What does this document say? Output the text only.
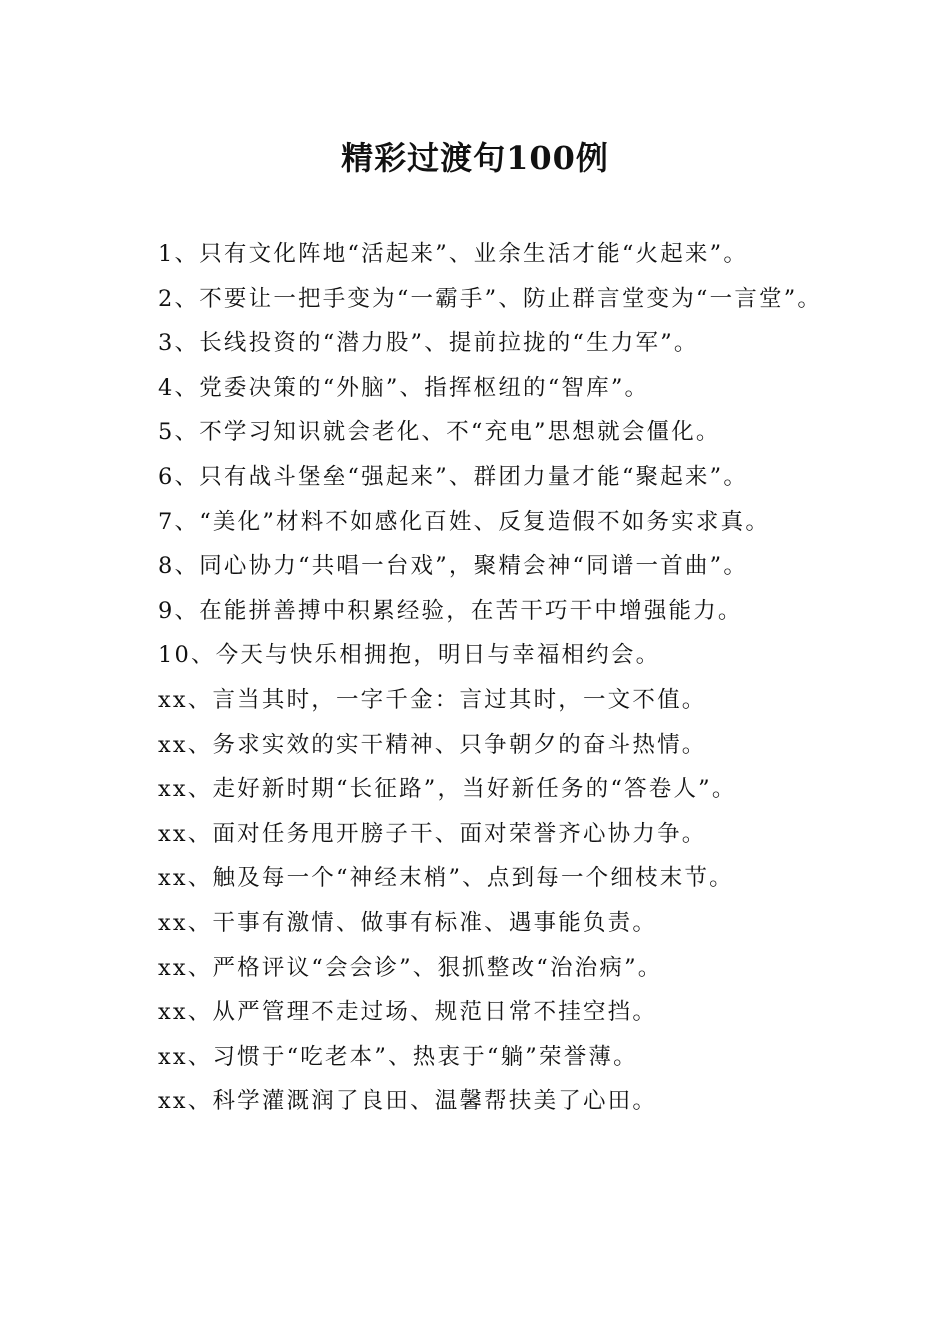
精彩过渡句100例
1、只有文化阵地“活起来”、业余生活才能“火起来”。
2、不要让一把手变为“一霸手”、防止群言堂变为“一言堂”。
3、长线投资的“潜力股”、提前拉拢的“生力军”。
4、党委决策的“外脑”、指挥枢纽的“智库”。
5、不学习知识就会老化、不“充电”思想就会僵化。
6、只有战斗堡垒“强起来”、群团力量才能“聚起来”。
7、“美化”材料不如感化百姓、反复造假不如务实求真。
8、同心协力“共唱一台戏”，聚精会神“同谱一首曲”。
9、在能拼善搏中积累经验，在苦干巧干中增强能力。
10、今天与快乐相拥抱，明日与幸福相约会。
xx、言当其时，一字千金：言过其时，一文不值。
xx、务求实效的实干精神、只争朝夕的奋斗热情。
xx、走好新时期“长征路”，当好新任务的“答卷人”。
xx、面对任务甩开膀子干、面对荣誉齐心协力争。
xx、触及每一个“神经末梢”、点到每一个细枝末节。
xx、干事有激情、做事有标准、遇事能负责。
xx、严格评议“会会诊”、狠抓整改“治治病”。
xx、从严管理不走过场、规范日常不挂空挡。
xx、习惯于“吃老本”、热衷于“躺”荣誉薄。
xx、科学灌溉润了良田、温馨帮扶美了心田。
